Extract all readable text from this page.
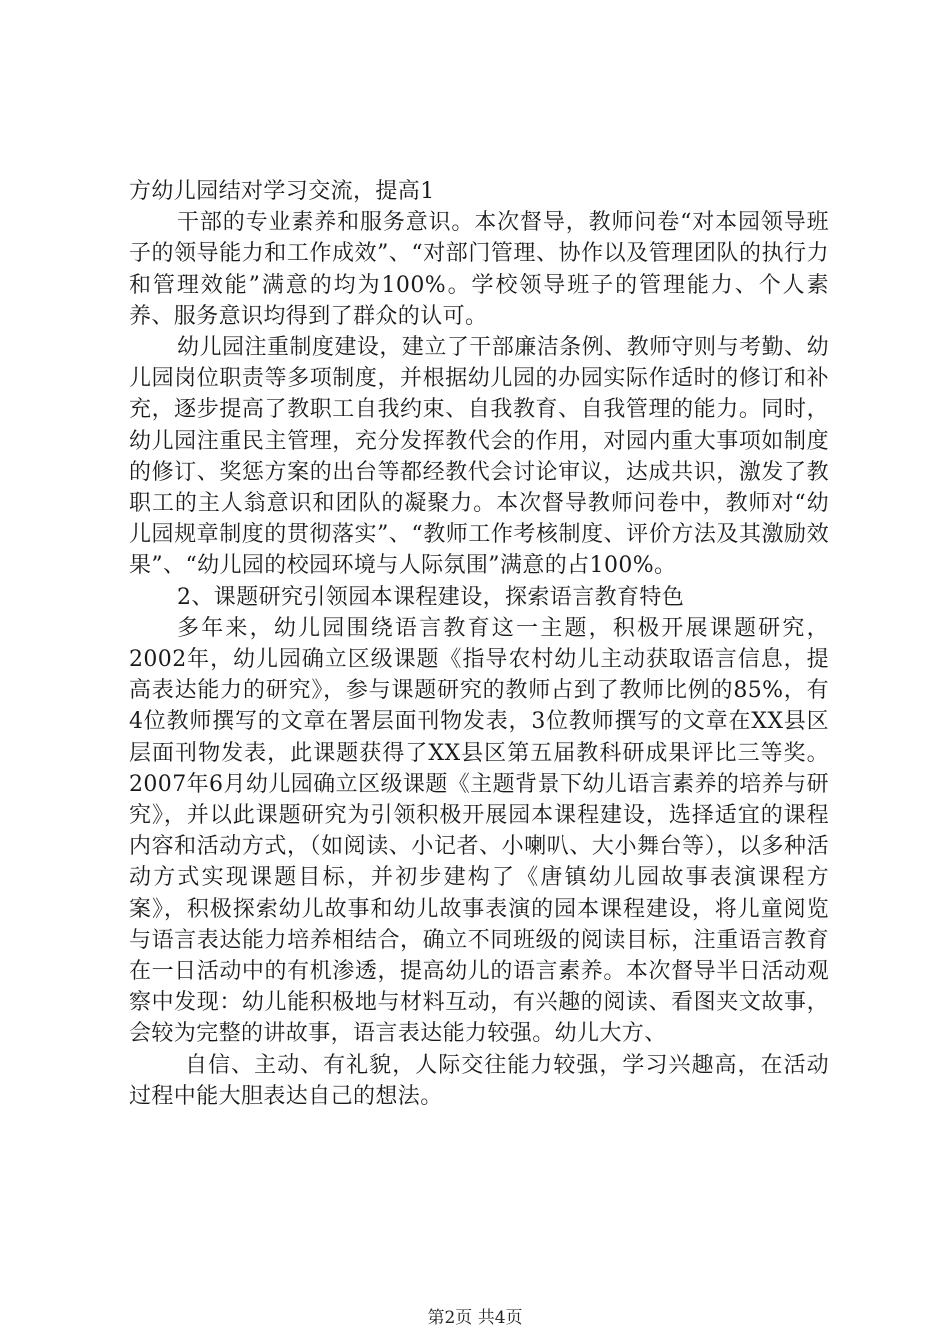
方幼儿园结对学习交流，提高1

干部的专业素养和服务意识。本次督导，教师问卷“对本园领导班子的领导能力和工作成效”、“对部门管理、协作以及管理团队的执行力和管理效能”满意的均为100%。学校领导班子的管理能力、个人素养、服务意识均得到了群众的认可。

幼儿园注重制度建设，建立了干部廉洁条例、教师守则与考勤、幼儿园岗位职责等多项制度，并根据幼儿园的办园实际作适时的修订和补充，逐步提高了教职工自我约束、自我教育、自我管理的能力。同时，幼儿园注重民主管理，充分发挥教代会的作用，对园内重大事项如制度的修订、奖惩方案的出台等都经教代会讨论审议，达成共识，激发了教职工的主人翁意识和团队的凝聚力。本次督导教师问卷中，教师对“幼儿园规章制度的贯彻落实”、“教师工作考核制度、评价方法及其激励效果”、“幼儿园的校园环境与人际氛围”满意的占100%。

2、课题研究引领园本课程建设，探索语言教育特色

多年来，幼儿园围绕语言教育这一主题，积极开展课题研究，2002年，幼儿园确立区级课题《指导农村幼儿主动获取语言信息，提高表达能力的研究》，参与课题研究的教师占到了教师比例的85%，有4位教师撰写的文章在署层面刊物发表，3位教师撰写的文章在XX县区层面刊物发表，此课题获得了XX县区第五届教科研成果评比三等奖。2007年6月幼儿园确立区级课题《主题背景下幼儿语言素养的培养与研究》，并以此课题研究为引领积极开展园本课程建设，选择适宜的课程内容和活动方式，（如阅读、小记者、小喇叭、大小舞台等），以多种活动方式实现课题目标，并初步建构了《唐镇幼儿园故事表演课程方案》，积极探索幼儿故事和幼儿故事表演的园本课程建设，将儿童阅览与语言表达能力培养相结合，确立不同班级的阅读目标，注重语言教育在一日活动中的有机渗透，提高幼儿的语言素养。本次督导半日活动观察中发现：幼儿能积极地与材料互动，有兴趣的阅读、看图夹文故事，会较为完整的讲故事，语言表达能力较强。幼儿大方、

自信、主动、有礼貌，人际交往能力较强，学习兴趣高，在活动过程中能大胆表达自己的想法。

第2页 共4页
